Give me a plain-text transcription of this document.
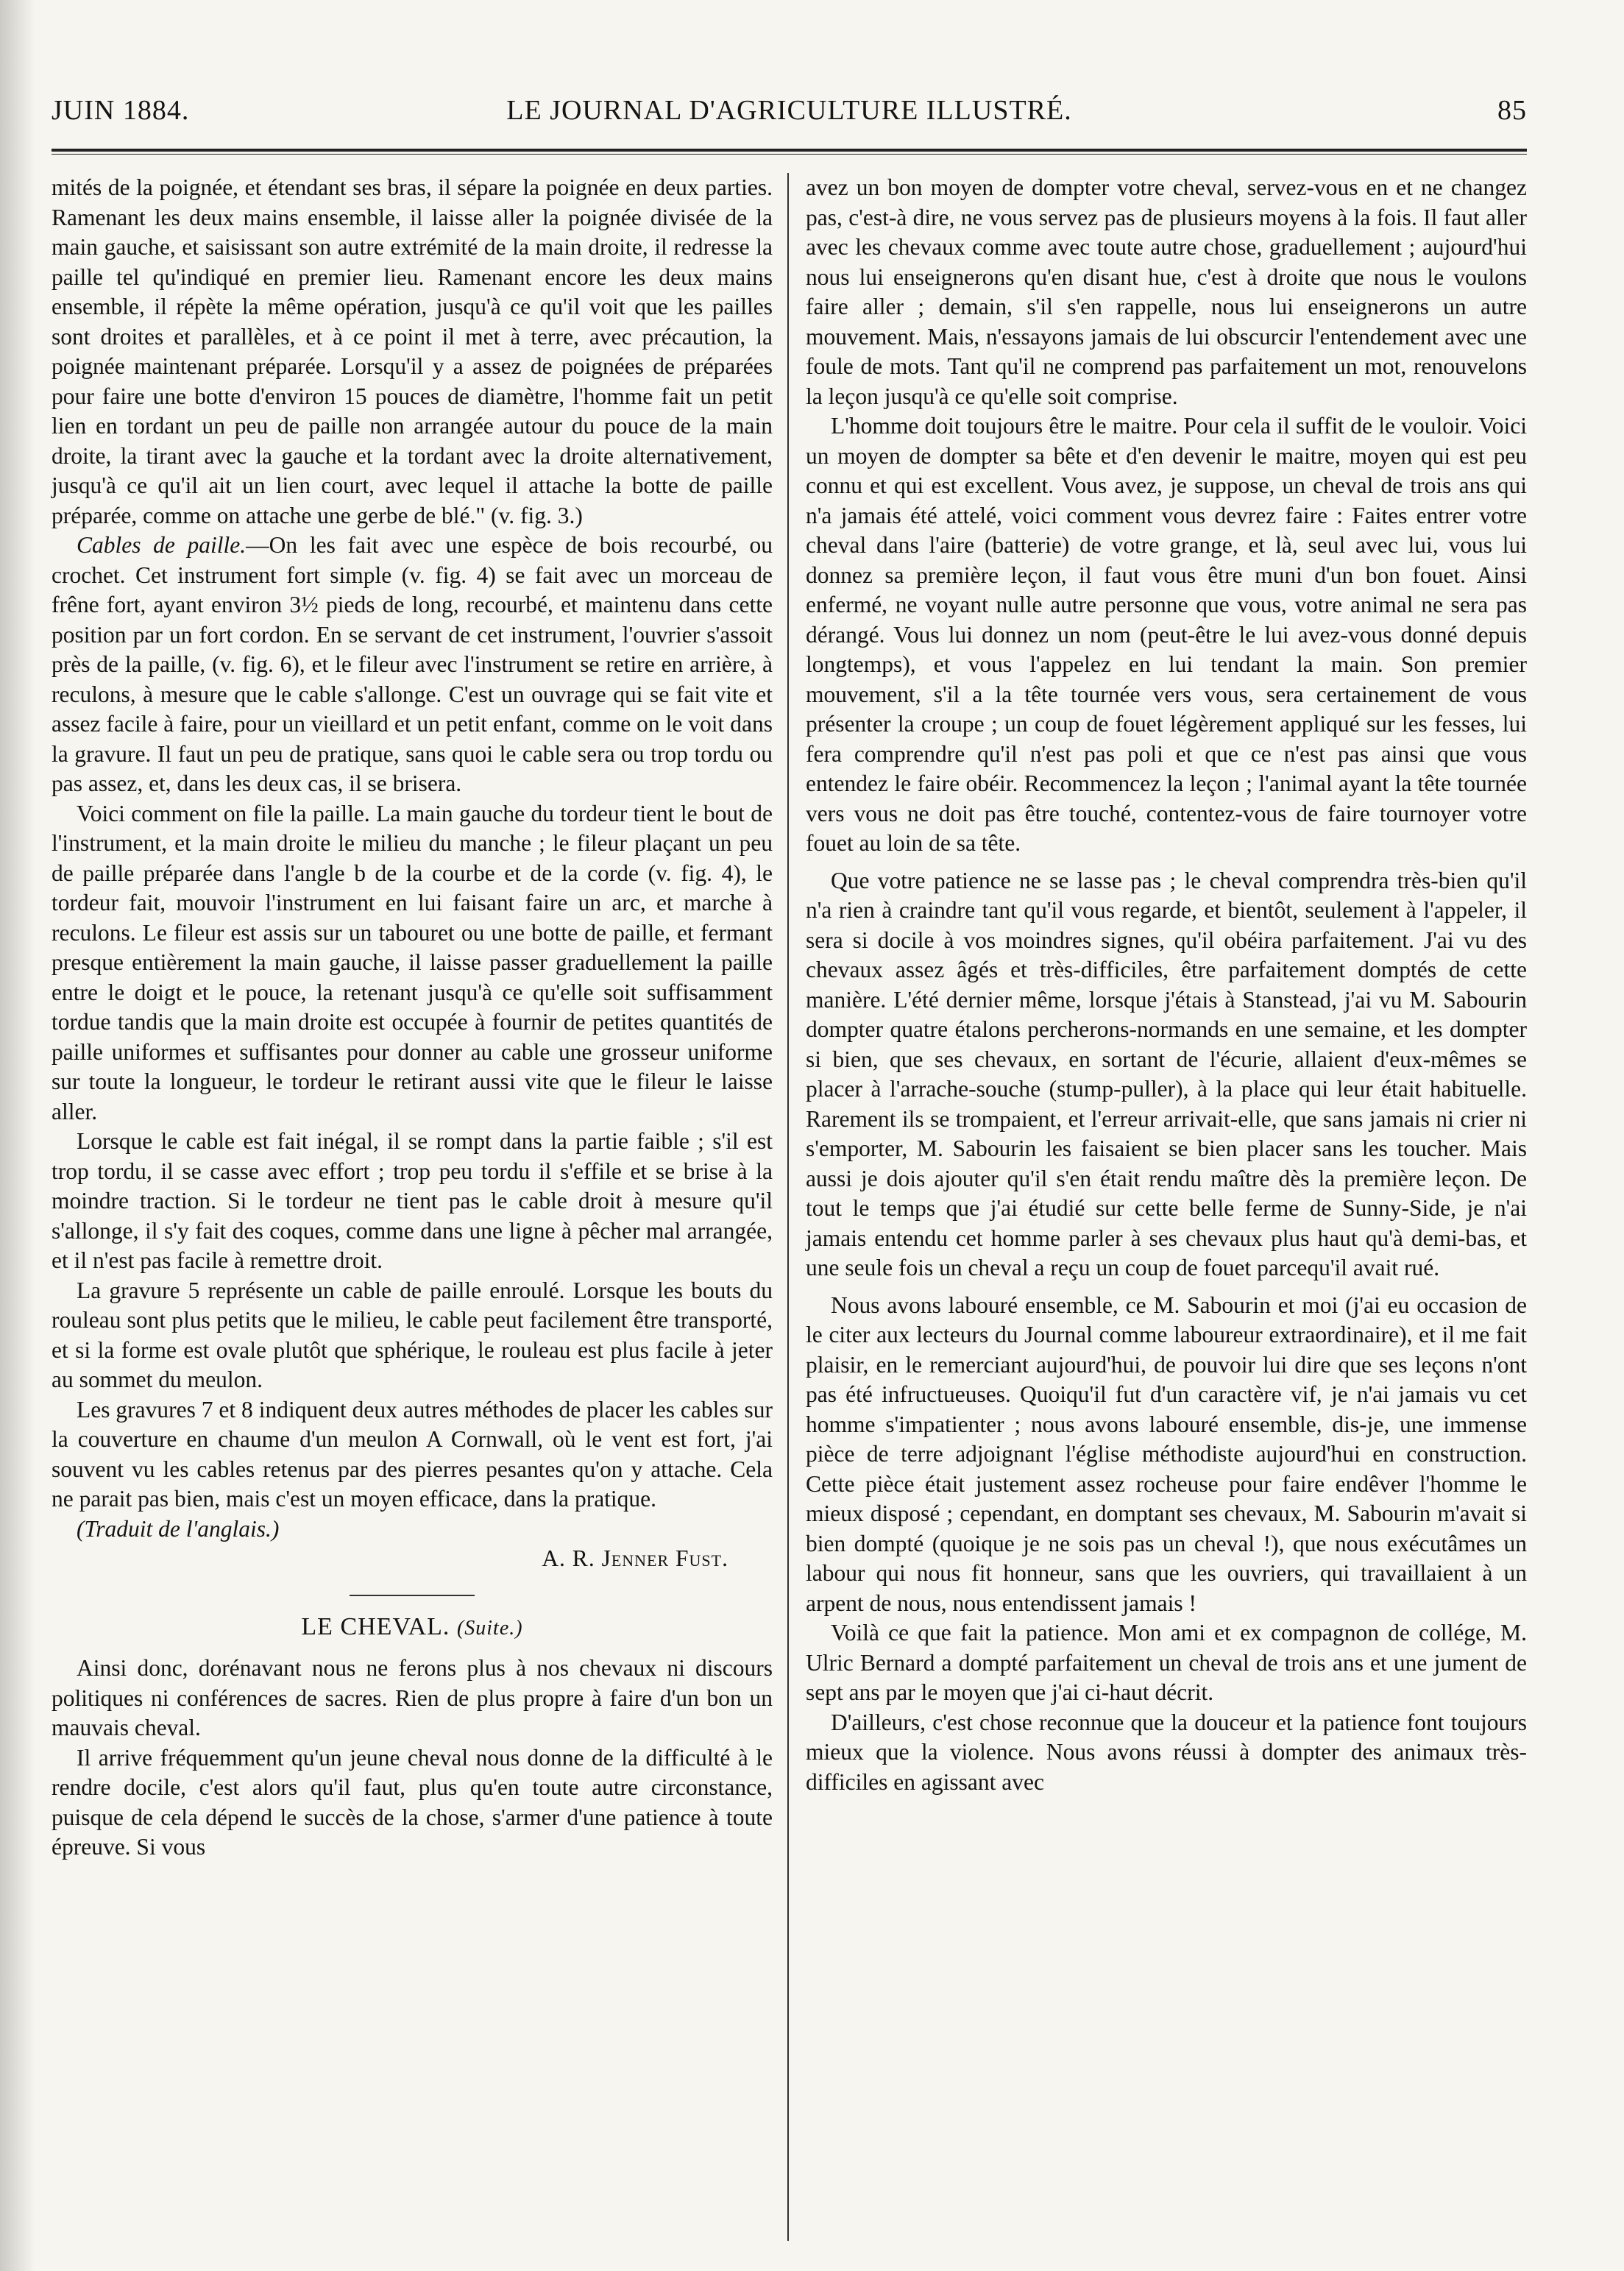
JUIN 1884.	LE JOURNAL D'AGRICULTURE ILLUSTRÉ.	85

mités de la poignée, et étendant ses bras, il sépare la poignée en deux parties. Ramenant les deux mains ensemble, il laisse aller la poignée divisée de la main gauche, et saisissant son autre extrémité de la main droite, il redresse la paille tel qu'indiqué en premier lieu. Ramenant encore les deux mains ensemble, il répète la même opération, jusqu'à ce qu'il voit que les pailles sont droites et parallèles, et à ce point il met à terre, avec précaution, la poignée maintenant préparée. Lorsqu'il y a assez de poignées de préparées pour faire une botte d'environ 15 pouces de diamètre, l'homme fait un petit lien en tordant un peu de paille non arrangée autour du pouce de la main droite, la tirant avec la gauche et la tordant avec la droite alternativement, jusqu'à ce qu'il ait un lien court, avec lequel il attache la botte de paille préparée, comme on attache une gerbe de blé." (v. fig. 3.)

Cables de paille.—On les fait avec une espèce de bois recourbé, ou crochet. Cet instrument fort simple (v. fig. 4) se fait avec un morceau de frêne fort, ayant environ 3½ pieds de long, recourbé, et maintenu dans cette position par un fort cordon. En se servant de cet instrument, l'ouvrier s'assoit près de la paille, (v. fig. 6), et le fileur avec l'instrument se retire en arrière, à reculons, à mesure que le cable s'allonge. C'est un ouvrage qui se fait vite et assez facile à faire, pour un vieillard et un petit enfant, comme on le voit dans la gravure. Il faut un peu de pratique, sans quoi le cable sera ou trop tordu ou pas assez, et, dans les deux cas, il se brisera.

Voici comment on file la paille. La main gauche du tordeur tient le bout de l'instrument, et la main droite le milieu du manche ; le fileur plaçant un peu de paille préparée dans l'angle b de la courbe et de la corde (v. fig. 4), le tordeur fait, mouvoir l'instrument en lui faisant faire un arc, et marche à reculons. Le fileur est assis sur un tabouret ou une botte de paille, et fermant presque entièrement la main gauche, il laisse passer graduellement la paille entre le doigt et le pouce, la retenant jusqu'à ce qu'elle soit suffisamment tordue tandis que la main droite est occupée à fournir de petites quantités de paille uniformes et suffisantes pour donner au cable une grosseur uniforme sur toute la longueur, le tordeur le retirant aussi vite que le fileur le laisse aller.

Lorsque le cable est fait inégal, il se rompt dans la partie faible ; s'il est trop tordu, il se casse avec effort ; trop peu tordu il s'effile et se brise à la moindre traction. Si le tordeur ne tient pas le cable droit à mesure qu'il s'allonge, il s'y fait des coques, comme dans une ligne à pêcher mal arrangée, et il n'est pas facile à remettre droit.

La gravure 5 représente un cable de paille enroulé. Lorsque les bouts du rouleau sont plus petits que le milieu, le cable peut facilement être transporté, et si la forme est ovale plutôt que sphérique, le rouleau est plus facile à jeter au sommet du meulon.

Les gravures 7 et 8 indiquent deux autres méthodes de placer les cables sur la couverture en chaume d'un meulon A Cornwall, où le vent est fort, j'ai souvent vu les cables retenus par des pierres pesantes qu'on y attache. Cela ne parait pas bien, mais c'est un moyen efficace, dans la pratique.

(Traduit de l'anglais.)

A. R. Jenner Fust.

LE CHEVAL. (Suite.)

Ainsi donc, dorénavant nous ne ferons plus à nos chevaux ni discours politiques ni conférences de sacres. Rien de plus propre à faire d'un bon un mauvais cheval.

Il arrive fréquemment qu'un jeune cheval nous donne de la difficulté à le rendre docile, c'est alors qu'il faut, plus qu'en toute autre circonstance, puisque de cela dépend le succès de la chose, s'armer d'une patience à toute épreuve. Si vous

avez un bon moyen de dompter votre cheval, servez-vous en et ne changez pas, c'est-à dire, ne vous servez pas de plusieurs moyens à la fois. Il faut aller avec les chevaux comme avec toute autre chose, graduellement ; aujourd'hui nous lui enseignerons qu'en disant hue, c'est à droite que nous le voulons faire aller ; demain, s'il s'en rappelle, nous lui enseignerons un autre mouvement. Mais, n'essayons jamais de lui obscurcir l'entendement avec une foule de mots. Tant qu'il ne comprend pas parfaitement un mot, renouvelons la leçon jusqu'à ce qu'elle soit comprise.

L'homme doit toujours être le maitre. Pour cela il suffit de le vouloir. Voici un moyen de dompter sa bête et d'en devenir le maitre, moyen qui est peu connu et qui est excellent. Vous avez, je suppose, un cheval de trois ans qui n'a jamais été attelé, voici comment vous devrez faire : Faites entrer votre cheval dans l'aire (batterie) de votre grange, et là, seul avec lui, vous lui donnez sa première leçon, il faut vous être muni d'un bon fouet. Ainsi enfermé, ne voyant nulle autre personne que vous, votre animal ne sera pas dérangé. Vous lui donnez un nom (peut-être le lui avez-vous donné depuis longtemps), et vous l'appelez en lui tendant la main. Son premier mouvement, s'il a la tête tournée vers vous, sera certainement de vous présenter la croupe ; un coup de fouet légèrement appliqué sur les fesses, lui fera comprendre qu'il n'est pas poli et que ce n'est pas ainsi que vous entendez le faire obéir. Recommencez la leçon ; l'animal ayant la tête tournée vers vous ne doit pas être touché, contentez-vous de faire tournoyer votre fouet au loin de sa tête.

Que votre patience ne se lasse pas ; le cheval comprendra très-bien qu'il n'a rien à craindre tant qu'il vous regarde, et bientôt, seulement à l'appeler, il sera si docile à vos moindres signes, qu'il obéira parfaitement. J'ai vu des chevaux assez âgés et très-difficiles, être parfaitement domptés de cette manière. L'été dernier même, lorsque j'étais à Stanstead, j'ai vu M. Sabourin dompter quatre étalons percherons-normands en une semaine, et les dompter si bien, que ses chevaux, en sortant de l'écurie, allaient d'eux-mêmes se placer à l'arrache-souche (stump-puller), à la place qui leur était habituelle. Rarement ils se trompaient, et l'erreur arrivait-elle, que sans jamais ni crier ni s'emporter, M. Sabourin les faisaient se bien placer sans les toucher. Mais aussi je dois ajouter qu'il s'en était rendu maître dès la première leçon. De tout le temps que j'ai étudié sur cette belle ferme de Sunny-Side, je n'ai jamais entendu cet homme parler à ses chevaux plus haut qu'à demi-bas, et une seule fois un cheval a reçu un coup de fouet parcequ'il avait rué.

Nous avons labouré ensemble, ce M. Sabourin et moi (j'ai eu occasion de le citer aux lecteurs du Journal comme laboureur extraordinaire), et il me fait plaisir, en le remerciant aujourd'hui, de pouvoir lui dire que ses leçons n'ont pas été infructueuses. Quoiqu'il fut d'un caractère vif, je n'ai jamais vu cet homme s'impatienter ; nous avons labouré ensemble, dis-je, une immense pièce de terre adjoignant l'église méthodiste aujourd'hui en construction. Cette pièce était justement assez rocheuse pour faire endêver l'homme le mieux disposé ; cependant, en domptant ses chevaux, M. Sabourin m'avait si bien dompté (quoique je ne sois pas un cheval !), que nous exécutâmes un labour qui nous fit honneur, sans que les ouvriers, qui travaillaient à un arpent de nous, nous entendissent jamais !

Voilà ce que fait la patience. Mon ami et ex compagnon de collége, M. Ulric Bernard a dompté parfaitement un cheval de trois ans et une jument de sept ans par le moyen que j'ai ci-haut décrit.

D'ailleurs, c'est chose reconnue que la douceur et la patience font toujours mieux que la violence. Nous avons réussi à dompter des animaux très-difficiles en agissant avec
